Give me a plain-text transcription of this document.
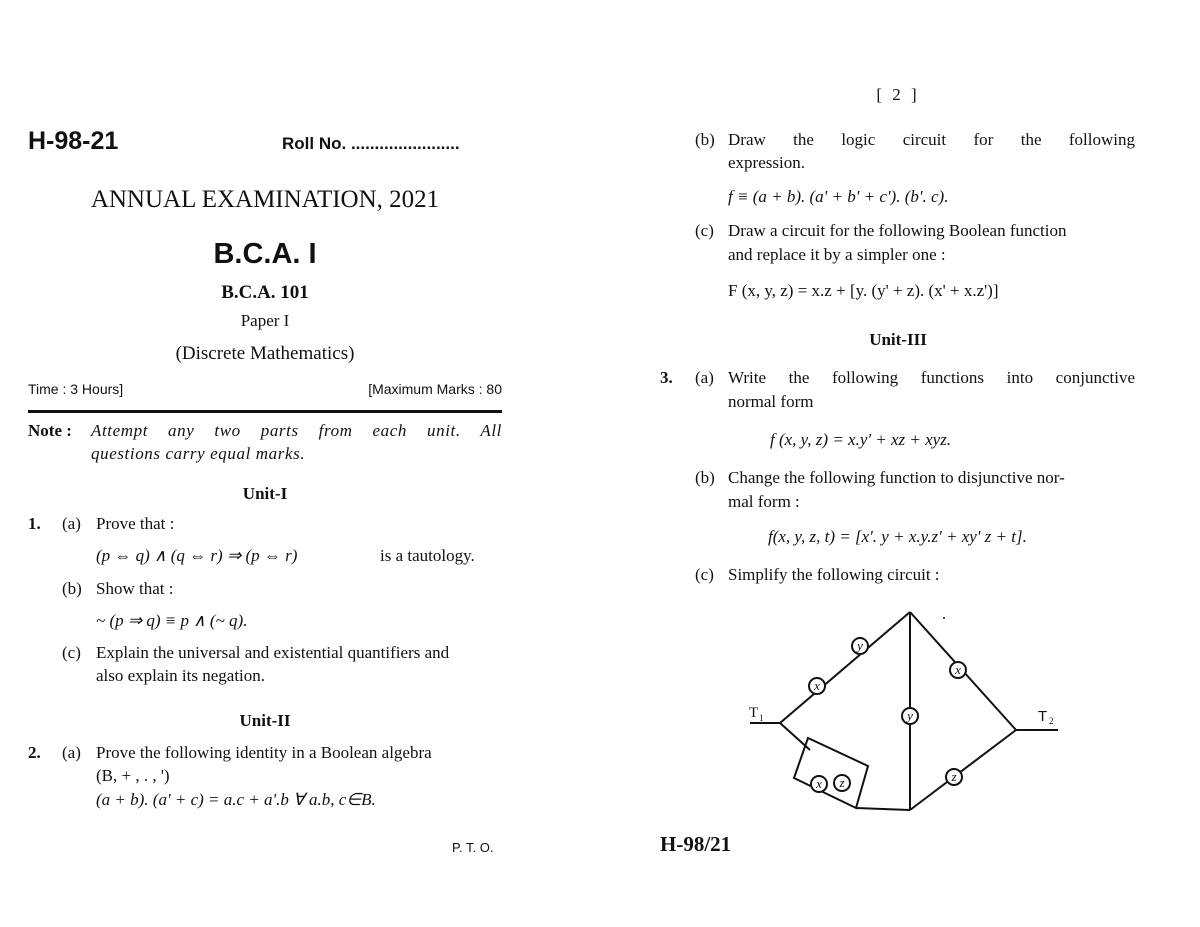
H-98-21	Roll No. .......................
ANNUAL EXAMINATION, 2021
B.C.A. I
B.C.A. 101
Paper I
(Discrete Mathematics)
Time : 3 Hours]	[Maximum Marks : 80
Note : Attempt any two parts from each unit. All
questions carry equal marks.
Unit-I
1. (a) Prove that :
(p ⇔ q) ∧ (q ⇔ r) ⇒ (p ⇔ r)	is a tautology.
(b) Show that :
~ (p ⇒ q) ≡ p ∧ (~ q).
(c) Explain the universal and existential quantifiers and
also explain its negation.
Unit-II
2. (a) Prove the following identity in a Boolean algebra
(B, + , . , ')
(a + b). (a' + c) = a.c + a'.b ∀ a.b, c∈B.
P. T. O.
[ 2 ]
(b) Draw the logic circuit for the following
expression.
f ≡ (a + b). (a' + b' + c'). (b'. c).
(c) Draw a circuit for the following Boolean function
and replace it by a simpler one :
F (x, y, z) = x.z + [y. (y' + z). (x' + x.z')]
Unit-III
3. (a) Write the following functions into conjunctive
normal form
f (x, y, z) = x.y' + xz + xyz.
(b) Change the following function to disjunctive nor-
mal form :
f(x, y, z, t) = [x'. y + x.y.z' + xy' z + t].
(c) Simplify the following circuit :
y
x
z
x
y
x
z
T 1	T 2
H-98/21
